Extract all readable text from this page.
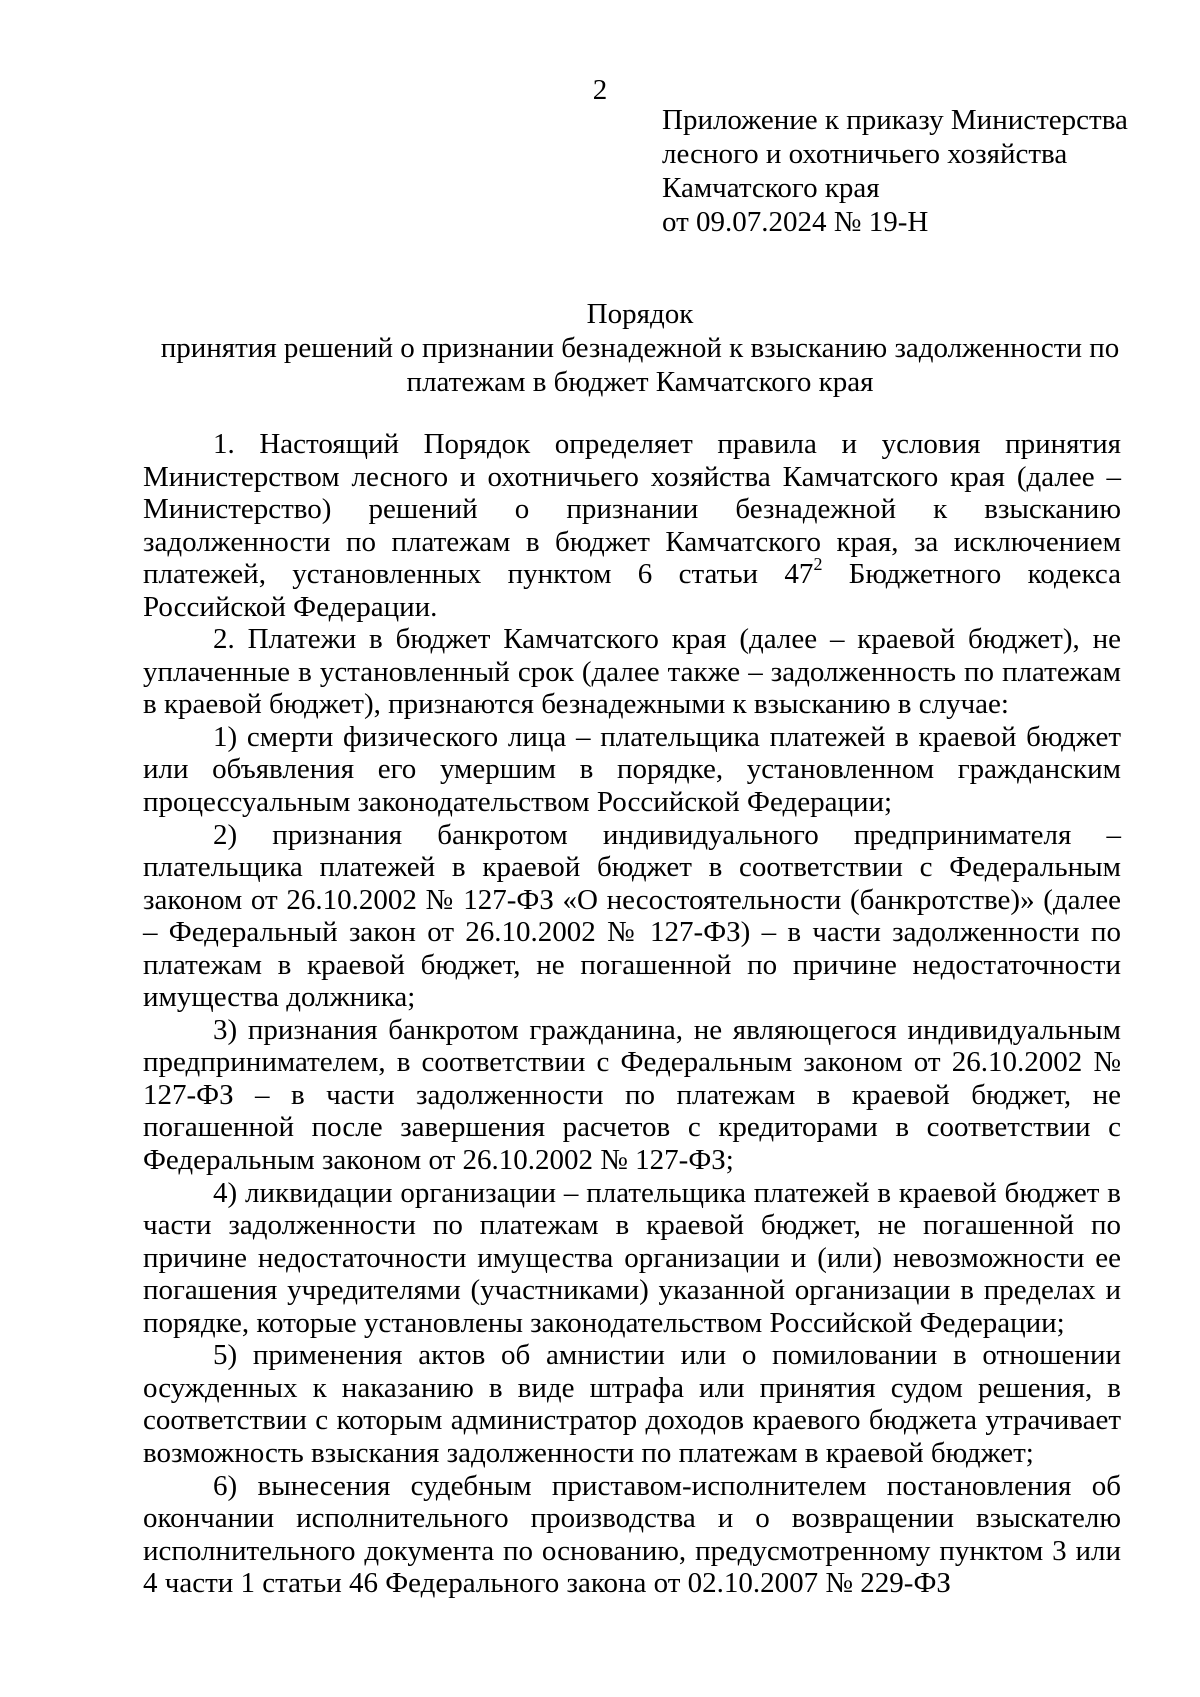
2
Приложение к приказу Министерства
лесного и охотничьего хозяйства
Камчатского края
от 09.07.2024 № 19-Н
Порядок
принятия решений о признании безнадежной к взысканию задолженности по
платежам в бюджет Камчатского края

1. Настоящий Порядок определяет правила и условия принятия Министерством лесного и охотничьего хозяйства Камчатского края (далее – Министерство) решений о признании безнадежной к взысканию задолженности по платежам в бюджет Камчатского края, за исключением платежей, установленных пунктом 6 статьи $47^2$ Бюджетного кодекса Российской Федерации.

2. Платежи в бюджет Камчатского края (далее – краевой бюджет), не уплаченные в установленный срок (далее также – задолженность по платежам в краевой бюджет), признаются безнадежными к взысканию в случае:

1) смерти физического лица – плательщика платежей в краевой бюджет или объявления его умершим в порядке, установленном гражданским процессуальным законодательством Российской Федерации;

2) признания банкротом индивидуального предпринимателя – плательщика платежей в краевой бюджет в соответствии с Федеральным законом от 26.10.2002 № 127-ФЗ «О несостоятельности (банкротстве)» (далее – Федеральный закон от 26.10.2002 № 127-ФЗ) – в части задолженности по платежам в краевой бюджет, не погашенной по причине недостаточности имущества должника;

3) признания банкротом гражданина, не являющегося индивидуальным предпринимателем, в соответствии с Федеральным законом от 26.10.2002 № 127-ФЗ – в части задолженности по платежам в краевой бюджет, не погашенной после завершения расчетов с кредиторами в соответствии с Федеральным законом от 26.10.2002 № 127-ФЗ;

4) ликвидации организации – плательщика платежей в краевой бюджет в части задолженности по платежам в краевой бюджет, не погашенной по причине недостаточности имущества организации и (или) невозможности ее погашения учредителями (участниками) указанной организации в пределах и порядке, которые установлены законодательством Российской Федерации;

5) применения актов об амнистии или о помиловании в отношении осужденных к наказанию в виде штрафа или принятия судом решения, в соответствии с которым администратор доходов краевого бюджета утрачивает возможность взыскания задолженности по платежам в краевой бюджет;

6) вынесения судебным приставом-исполнителем постановления об окончании исполнительного производства и о возвращении взыскателю исполнительного документа по основанию, предусмотренному пунктом 3 или 4 части 1 статьи 46 Федерального закона от 02.10.2007 № 229-ФЗ
